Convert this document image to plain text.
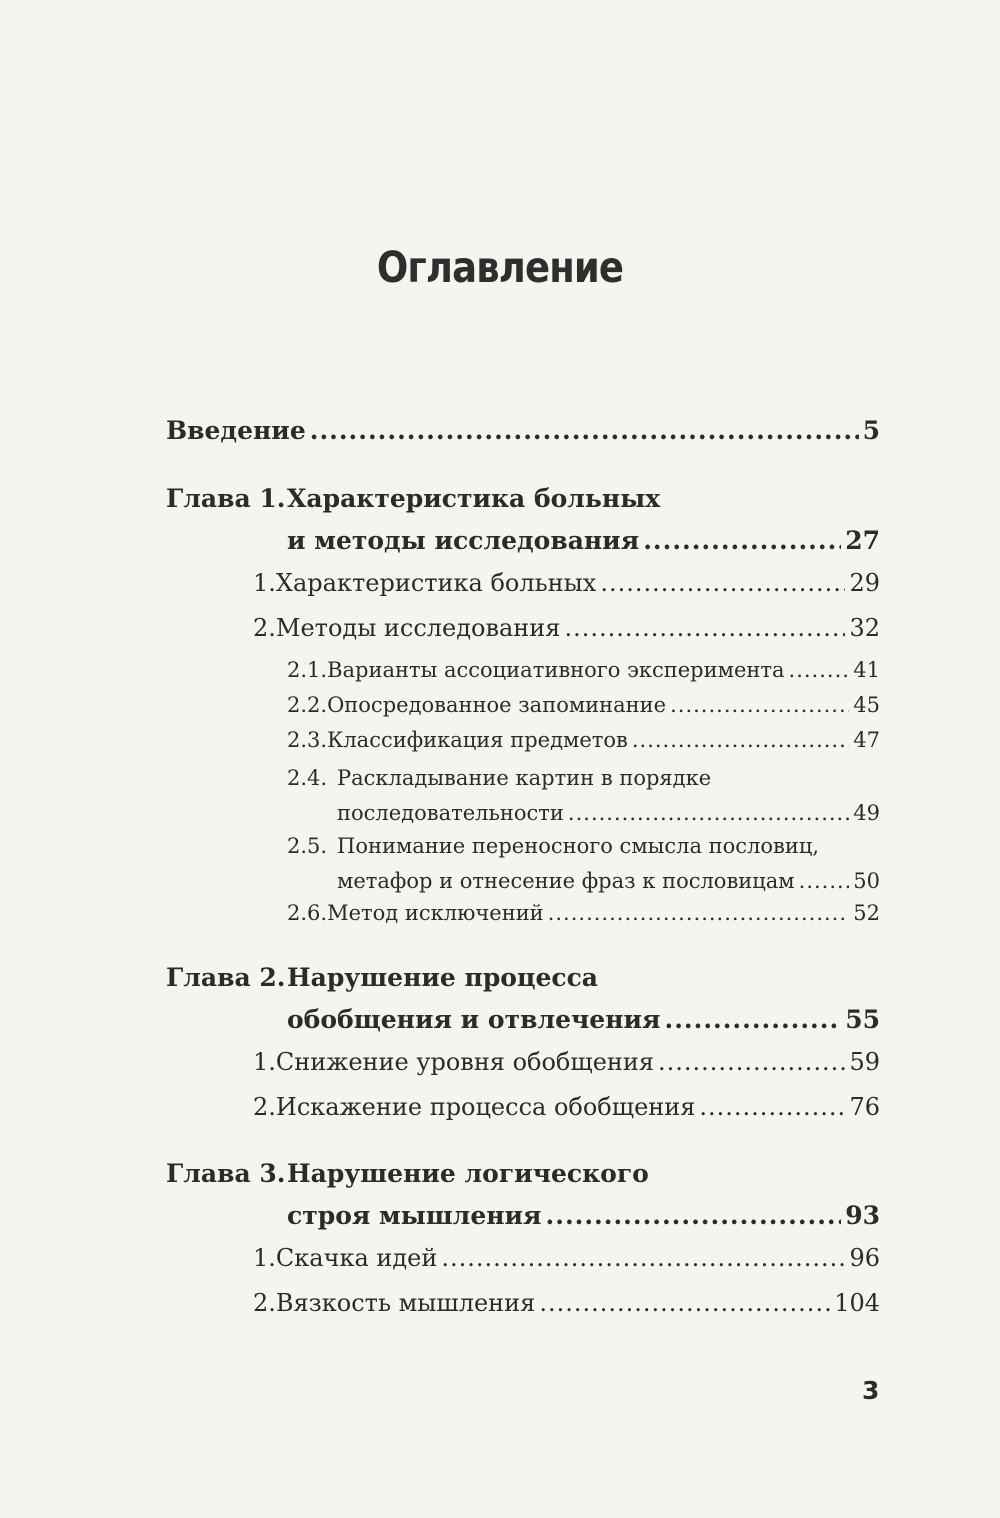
Оглавление
Введение .....	5
Глава 1. Характеристика больных
и методы исследования .....	27
1. Характеристика больных .....	29
2. Методы исследования .....	32
2.1. Варианты ассоциативного эксперимента .....	41
2.2. Опосредованное запоминание .....	45
2.3. Классификация предметов .....	47
2.4. Раскладывание картин в порядке
последовательности .....	49
2.5. Понимание переносного смысла пословиц,
метафор и отнесение фраз к пословицам .....	50
2.6. Метод исключений .....	52
Глава 2. Нарушение процесса
обобщения и отвлечения .....	55
1. Снижение уровня обобщения .....	59
2. Искажение процесса обобщения .....	76
Глава 3. Нарушение логического
строя мышления .....	93
1. Скачка идей .....	96
2. Вязкость мышления .....	104
3
